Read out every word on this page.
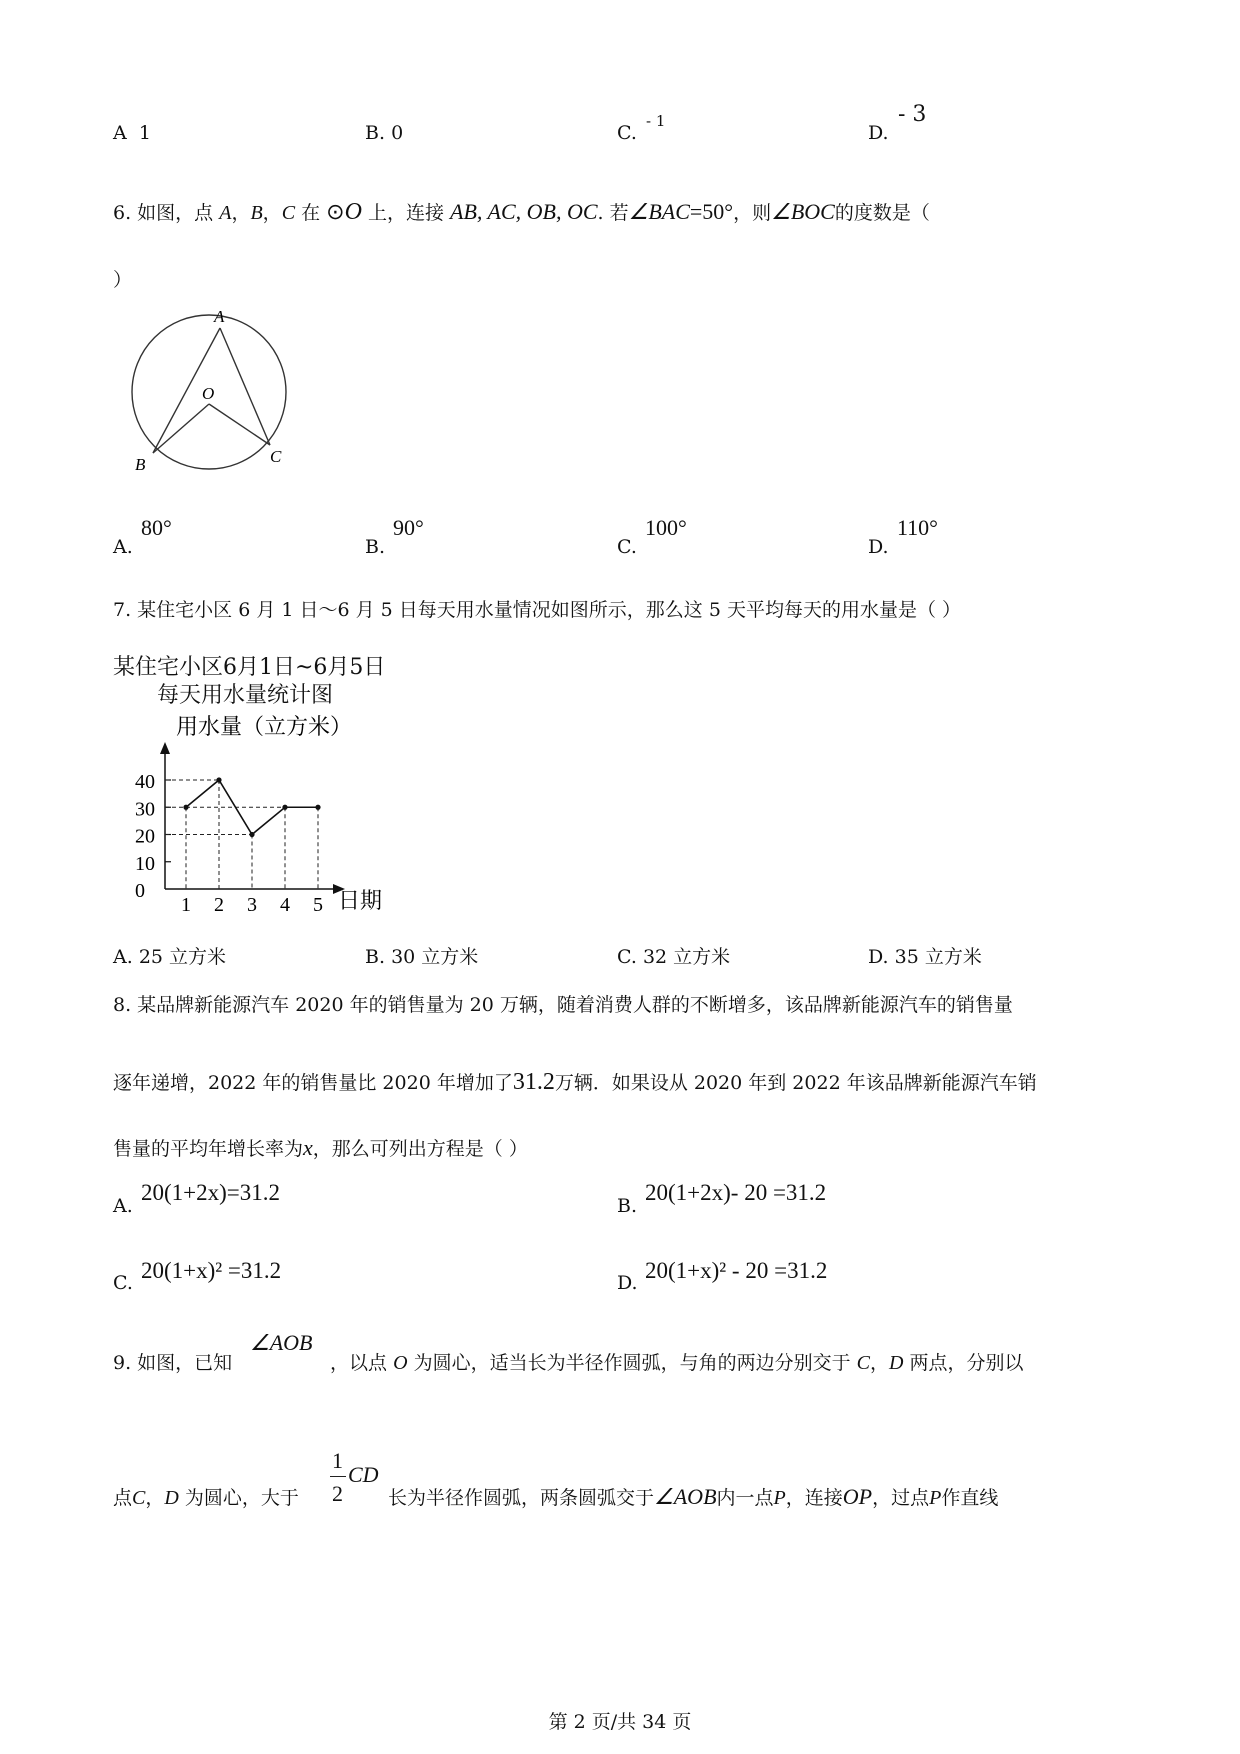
A 1	B. 0	C.
- 1
D.
- 3
6. 如图，点 A，B，C 在 ⊙O 上，连接 AB, AC, OB, OC. 若∠BAC=50°，则∠BOC的度数是（
）
A
O
B	C
A.
80°
B.
90°
C.
100°
D.
110°
7. 某住宅小区 6 月 1 日～6 月 5 日每天用水量情况如图所示，那么这 5 天平均每天的用水量是（ ）
某住宅小区6月1日~6月5日
每天用水量统计图
用水量（立方米）
日期
0
10
20
30
40
1 2 3 4 5
A. 25 立方米	B. 30 立方米	C. 32 立方米	D. 35 立方米
8. 某品牌新能源汽车 2020 年的销售量为 20 万辆，随着消费人群的不断增多，该品牌新能源汽车的销售量
逐年递增，2022 年的销售量比 2020 年增加了31.2万辆．如果设从 2020 年到 2022 年该品牌新能源汽车销
售量的平均年增长率为x，那么可列出方程是（ ）
A.
20(1+2x)=31.2
B.
20(1+2x)- 20 =31.2
C. 20(1+x)² =31.2	D. 20(1+x)² - 20 =31.2
9. 如图，已知
∠AOB
，以点 O 为圆心，适当长为半径作圆弧，与角的两边分别交于 C，D 两点，分别以
点C，D 为圆心，大于
1
2
CD
长为半径作圆弧，两条圆弧交于∠AOB内一点P，连接OP，过点P作直线
第 2 页/共 34 页
